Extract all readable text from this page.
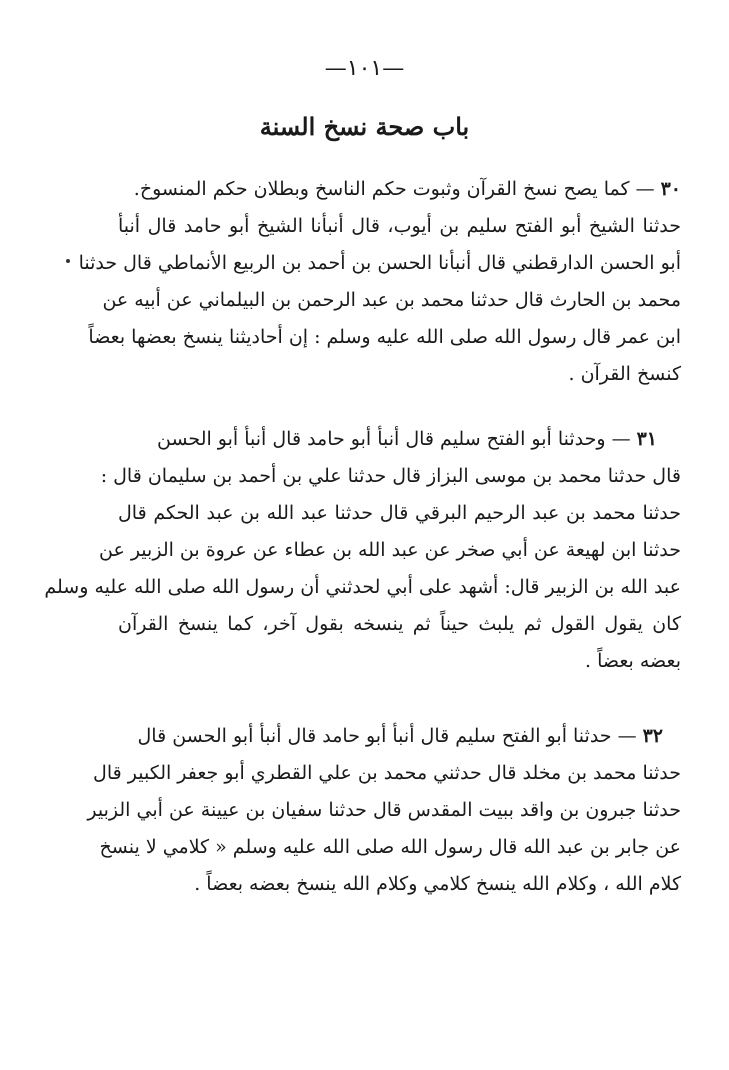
—١٠١—
باب صحة نسخ السنة
٣٠— كما يصح نسخ القرآن وثبوت حكم الناسخ وبطلان حكم المنسوخ.
حدثنا الشيخ أبو الفتح سليم بن أيوب، قال أنبأنا الشيخ أبو حامد قال أنبأ
أبو الحسن الدارقطني قال أنبأنا الحسن بن أحمد بن الربيع الأنماطي قال حدثنا
محمد بن الحارث قال حدثنا محمد بن عبد الرحمن بن البيلماني عن أبيه عن
ابن عمر قال رسول الله صلى الله عليه وسلم : إن أحاديثنا ينسخ بعضها بعضاً
كنسخ القرآن .
٣١— وحدثنا أبو الفتح سليم قال أنبأ أبو حامد قال أنبأ أبو الحسن
قال حدثنا محمد بن موسى البزاز قال حدثنا علي بن أحمد بن سليمان قال :
حدثنا محمد بن عبد الرحيم البرقي قال حدثنا عبد الله بن عبد الحكم قال
حدثنا ابن لهيعة عن أبي صخر عن عبد الله بن عطاء عن عروة بن الزبير عن
عبد الله بن الزبير قال: أشهد على أبي لحدثني أن رسول الله صلى الله عليه وسلم
كان يقول القول ثم يلبث حيناً ثم ينسخه بقول آخر، كما ينسخ القرآن
بعضه بعضاً .
٣٢— حدثنا أبو الفتح سليم قال أنبأ أبو حامد قال أنبأ أبو الحسن قال
حدثنا محمد بن مخلد قال حدثني محمد بن علي القطري أبو جعفر الكبير قال
حدثنا جبرون بن واقد ببيت المقدس قال حدثنا سفيان بن عيينة عن أبي الزبير
عن جابر بن عبد الله قال رسول الله صلى الله عليه وسلم « كلامي لا ينسخ
كلام الله ، وكلام الله ينسخ كلامي وكلام الله ينسخ بعضه بعضاً .
